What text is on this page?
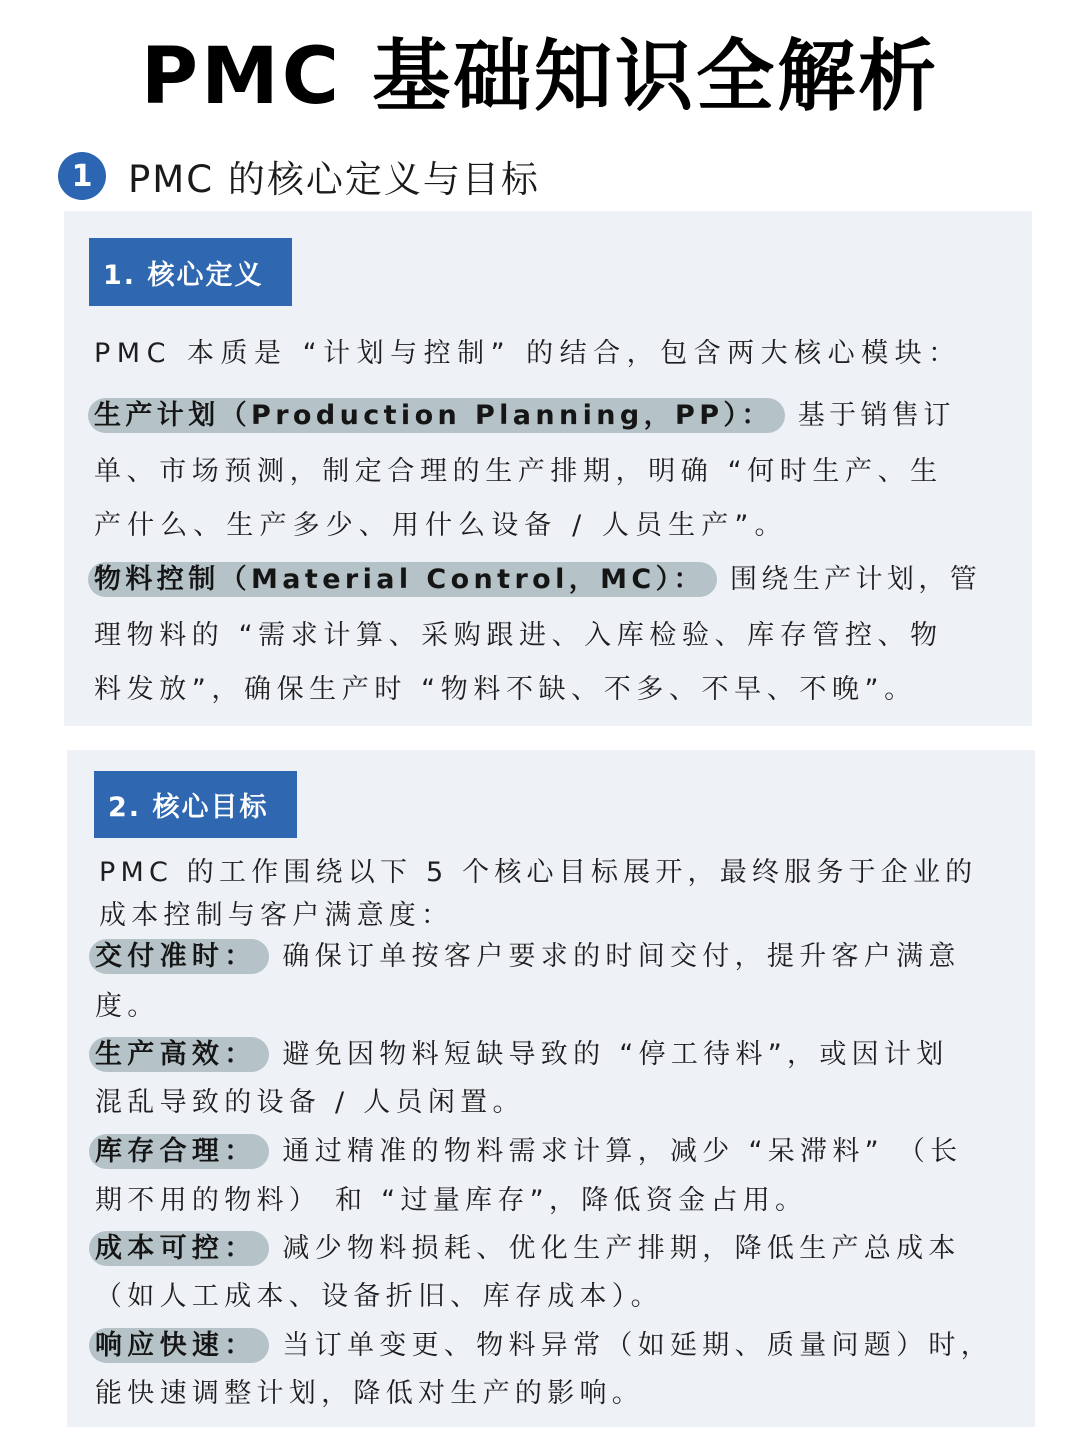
PMC 基础知识全解析
1 PMC 的核心定义与目标
1. 核心定义

PMC 本质是 “计划与控制” 的结合，包含两大核心模块：

生产计划（Production Planning，PP）： 基于销售订

单、市场预测，制定合理的生产排期，明确 “何时生产、生

产什么、生产多少、用什么设备 / 人员生产”。

物料控制（Material Control，MC）： 围绕生产计划，管

理物料的 “需求计算、采购跟进、入库检验、库存管控、物

料发放”，确保生产时 “物料不缺、不多、不早、不晚”。

2. 核心目标

PMC 的工作围绕以下 5 个核心目标展开，最终服务于企业的

成本控制与客户满意度：

交付准时： 确保订单按客户要求的时间交付，提升客户满意

度。

生产高效： 避免因物料短缺导致的 “停工待料”，或因计划

混乱导致的设备 / 人员闲置。

库存合理： 通过精准的物料需求计算，减少 “呆滞料” （长

期不用的物料） 和 “过量库存”，降低资金占用。

成本可控： 减少物料损耗、优化生产排期，降低生产总成本

（如人工成本、设备折旧、库存成本）。

响应快速： 当订单变更、物料异常（如延期、质量问题）时，

能快速调整计划，降低对生产的影响。
